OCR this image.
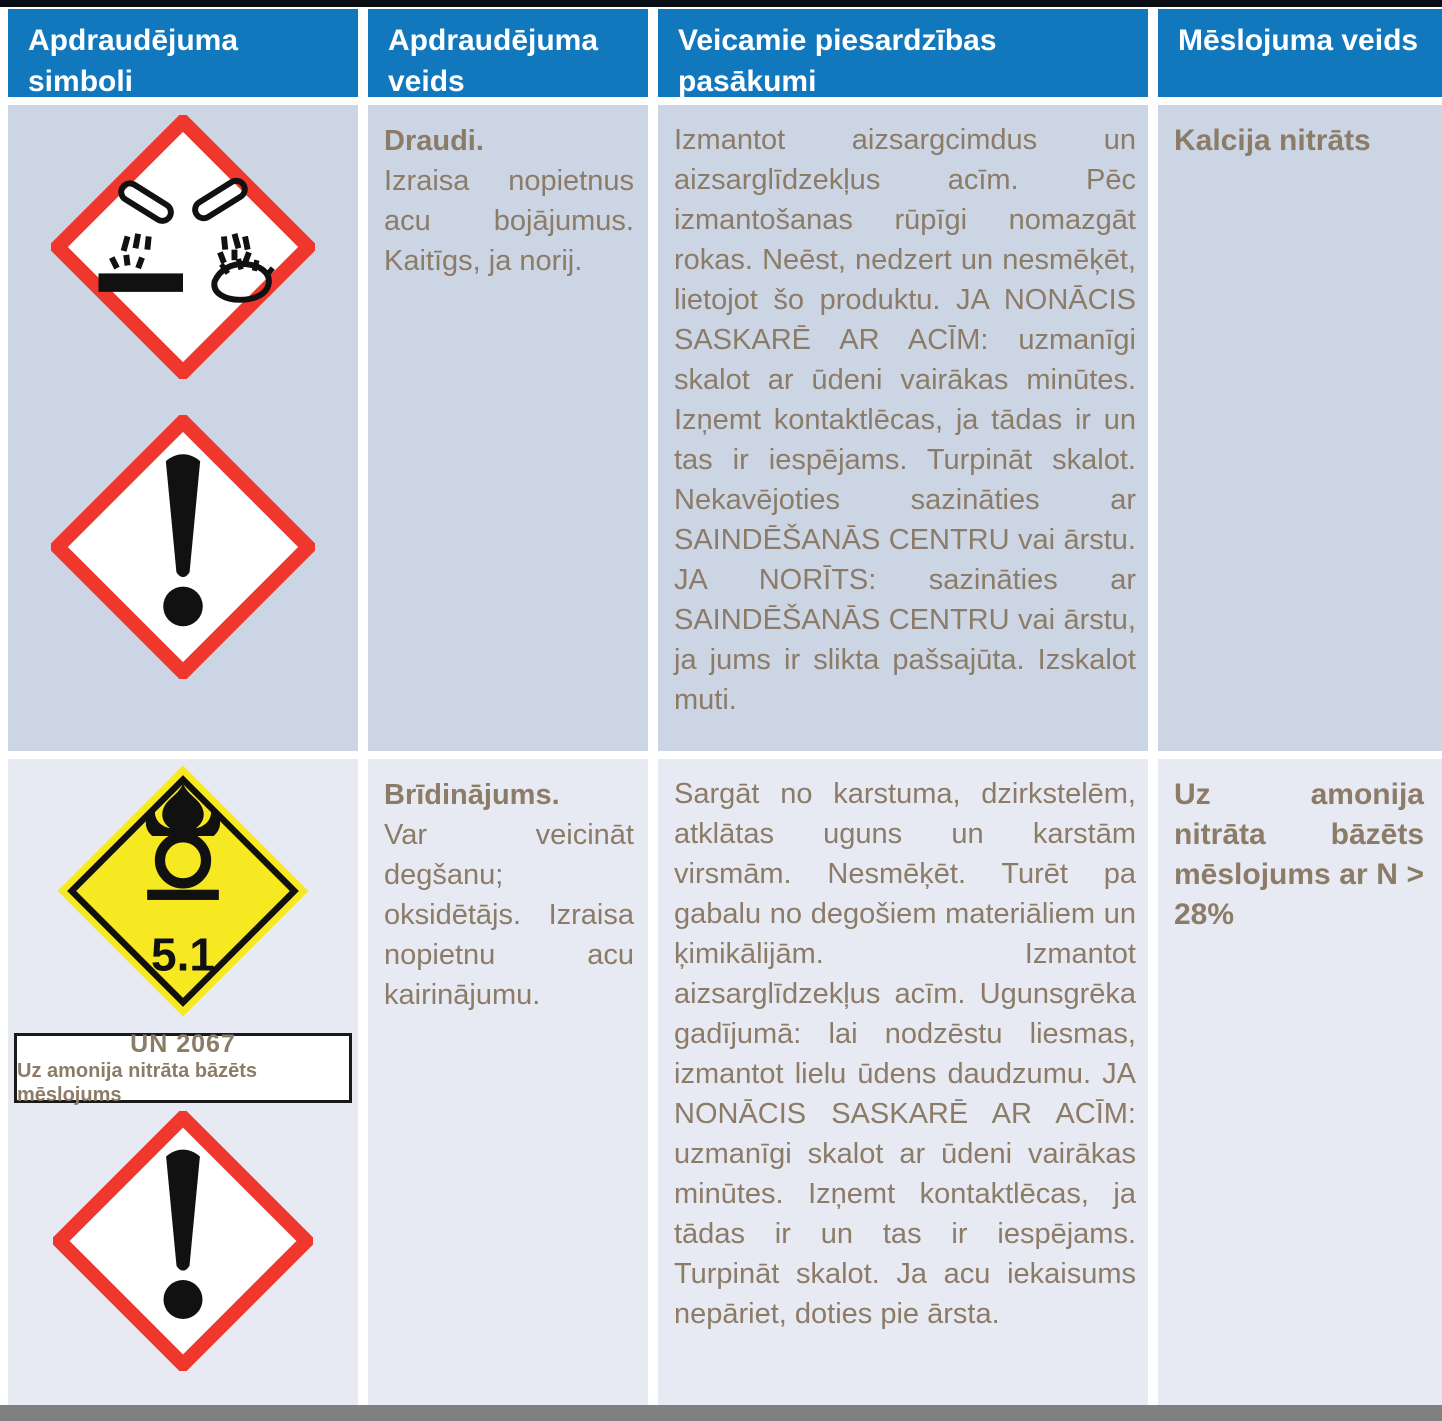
Apdraudējuma simboli
Apdraudējuma veids
Veicamie piesardzības pasākumi
Mēslojuma veids
Draudi.
Izraisa nopietnus acu bojājumus. Kaitīgs, ja norij.
Izmantot aizsargcimdus un aizsarglīdzekļus acīm. Pēc izmantošanas rūpīgi nomazgāt rokas. Neēst, nedzert un nesmēķēt, lietojot šo produktu. JA NONĀCIS SASKARĒ AR ACĪM: uzmanīgi skalot ar ūdeni vairākas minūtes. Izņemt kontaktlēcas, ja tādas ir un tas ir iespējams. Turpināt skalot. Nekavējoties sazināties ar SAINDĒŠANĀS CENTRU vai ārstu. JA NORĪTS: sazināties ar SAINDĒŠANĀS CENTRU vai ārstu, ja jums ir slikta pašsajūta. Izskalot muti.
Kalcija nitrāts
5.1
UN 2067
Uz amonija nitrāta bāzēts mēslojums
Brīdinājums.
Var veicināt degšanu; oksidētājs. Izraisa nopietnu acu kairinājumu.
Sargāt no karstuma, dzirkstelēm, atklātas uguns un karstām virsmām. Nesmēķēt. Turēt pa gabalu no degošiem materiāliem un ķimikālijām. Izmantot aizsarglīdzekļus acīm. Ugunsgrēka gadījumā: lai nodzēstu liesmas, izmantot lielu ūdens daudzumu. JA NONĀCIS SASKARĒ AR ACĪM: uzmanīgi skalot ar ūdeni vairākas minūtes. Izņemt kontaktlēcas, ja tādas ir un tas ir iespējams. Turpināt skalot. Ja acu iekaisums nepāriet, doties pie ārsta.
Uz amonija nitrāta bāzēts mēslojums ar N > 28%
